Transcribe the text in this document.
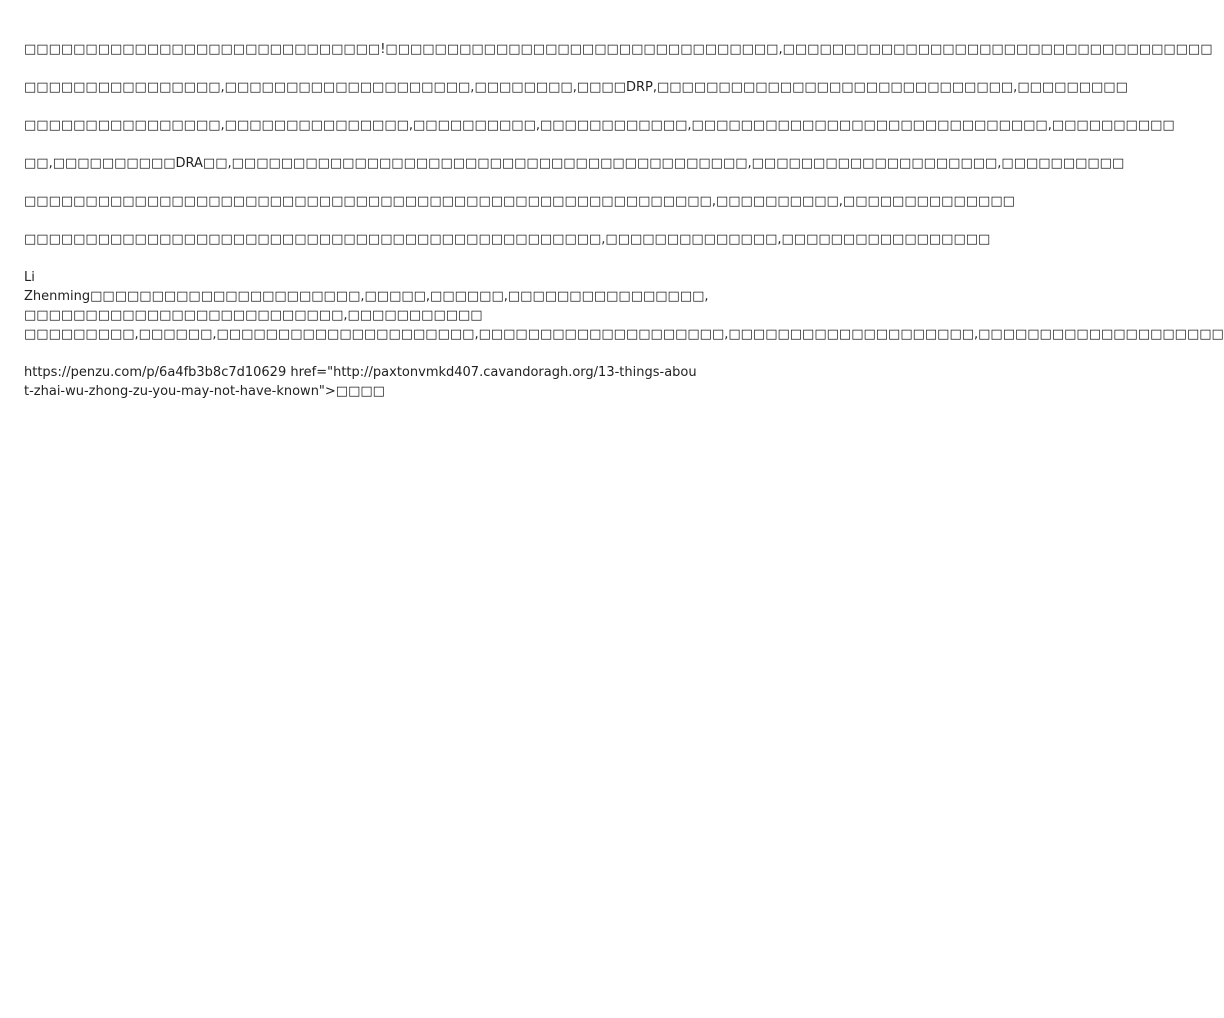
□□□□□□□□□□□□□□□□□□□□□□□□□□□□□!□□□□□□□□□□□□□□□□□□□□□□□□□□□□□□□□,□□□□□□□□□□□□□□□□□□□□□□□□□□□□□□□□□□□

□□□□□□□□□□□□□□□□,□□□□□□□□□□□□□□□□□□□□,□□□□□□□□,□□□□DRP,□□□□□□□□□□□□□□□□□□□□□□□□□□□□□,□□□□□□□□□

□□□□□□□□□□□□□□□□,□□□□□□□□□□□□□□□,□□□□□□□□□□,□□□□□□□□□□□□,□□□□□□□□□□□□□□□□□□□□□□□□□□□□□,□□□□□□□□□□

□□,□□□□□□□□□□DRA□□,□□□□□□□□□□□□□□□□□□□□□□□□□□□□□□□□□□□□□□□□□□,□□□□□□□□□□□□□□□□□□□□,□□□□□□□□□□

□□□□□□□□□□□□□□□□□□□□□□□□□□□□□□□□□□□□□□□□□□□□□□□□□□□□□□□□,□□□□□□□□□□,□□□□□□□□□□□□□□

□□□□□□□□□□□□□□□□□□□□□□□□□□□□□□□□□□□□□□□□□□□□□□□,□□□□□□□□□□□□□□,□□□□□□□□□□□□□□□□□

Li Zhenming□□□□□□□□□□□□□□□□□□□□□□,□□□□□,□□□□□□,□□□□□□□□□□□□□□□□,□□□□□□□□□□□□□□□□□□□□□□□□□□,□□□□□□□□□□□

□□□□□□□□□,□□□□□□,□□□□□□□□□□□□□□□□□□□□□,□□□□□□□□□□□□□□□□□□□□,□□□□□□□□□□□□□□□□□□□□,□□□□□□□□□□□□□□□□□□□□

https://penzu.com/p/6a4fb3b8c7d10629 href="http://paxtonvmkd407.cavandoragh.org/13-things-about-zhai-wu-zhong-zu-you-may-not-have-known">□□□□
